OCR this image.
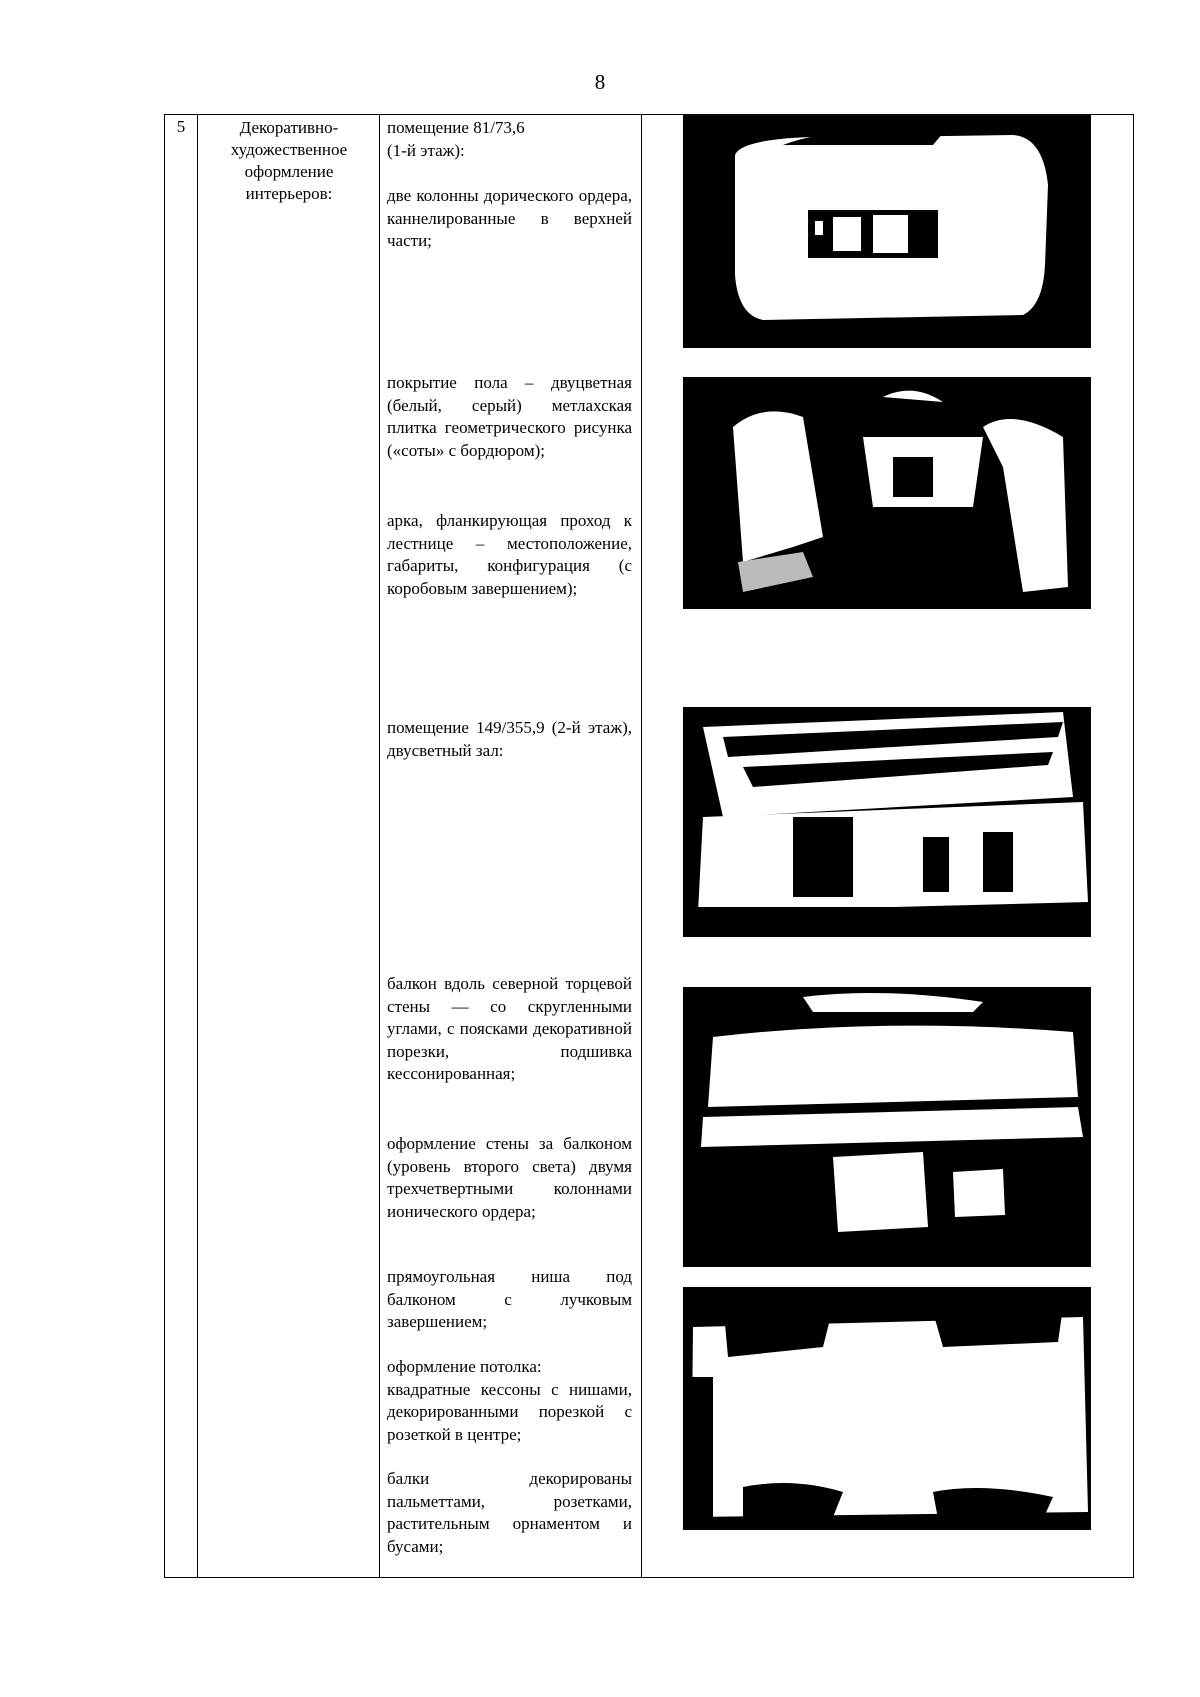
8
5	Декоративно-
художественное
оформление
интерьеров:
помещение 81/73,6
(1-й этаж):
две колонны дорического ордера, каннелированные в верхней части;
покрытие пола – двуцветная (белый, серый) метлахская плитка геометрического рисунка («соты» с бордюром);
арка, фланкирующая проход к лестнице – местоположение, габариты, конфигурация (с коробовым завершением);
помещение 149/355,9 (2-й этаж), двусветный зал:
балкон вдоль северной торцевой стены — со скругленными углами, с поясками декоративной порезки, подшивка кессонированная;
оформление стены за балконом (уровень второго света) двумя трехчетвертными колоннами ионического ордера;
прямоугольная ниша под балконом с лучковым завершением;
оформление потолка:
квадратные кессоны с нишами, декорированными порезкой с розеткой в центре;
балки декорированы пальметтами, розетками, растительным орнаментом и бусами;
